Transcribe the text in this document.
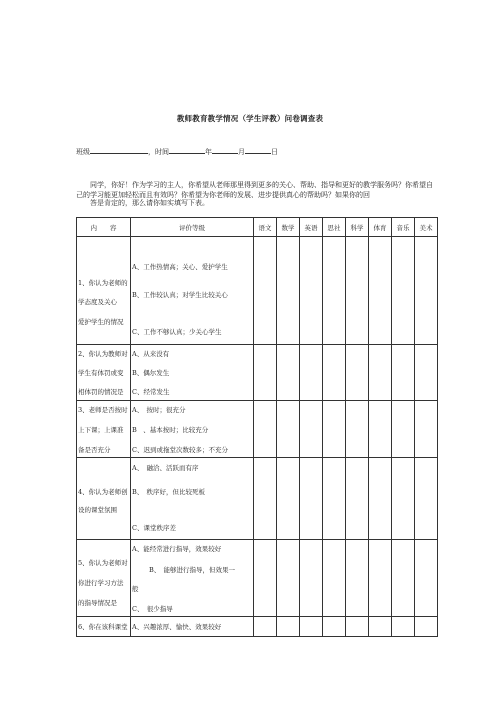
教师教育教学情况（学生评教）问卷调查表
班级	，时间	年	月	日
同学，你好！作为学习的主人，你希望从老师那里得到更多的关心、帮助、指导和更好的教学服务吗？你希望自己的学习能更加轻松而且有效吗？你希望为你老师的发展、进步提供真心的帮助吗？如果你的回
答是肯定的，那么请你如实填写下表。
内　　容	评价等级	语文	数学	英语	思社	科学	体育	音乐	美术

1、你认为老师的
学态度及关心
爱护学生的情况	A、工作热情高；关心、爱护学生
B、工作较认真；对学生比较关心
C、工作不够认真；少关心学生								

2、你认为教师对
学生有体罚或变
相体罚的情况是	A、从来没有
B、偶尔发生
C、经常发生								

3、老师是否按时
上下课；上课准
备是否充分	A、　按时；很充分
B　、基本按时；比较充分
C、迟到或拖堂次数较多；不充分								

4、你认为老师创
设的课堂氛围	A、　融洽、活跃而有序
B、　秩序好，但比较死板
C、课堂秩序差								

5、你认为老师对
你进行学习方法
的指导情况是	A、能经常进行指导，效果较好
B、　能够进行指导，但效果一
般
C、　很少指导								

6、你在该科课堂	A、兴趣浓厚、愉快、效果较好								
